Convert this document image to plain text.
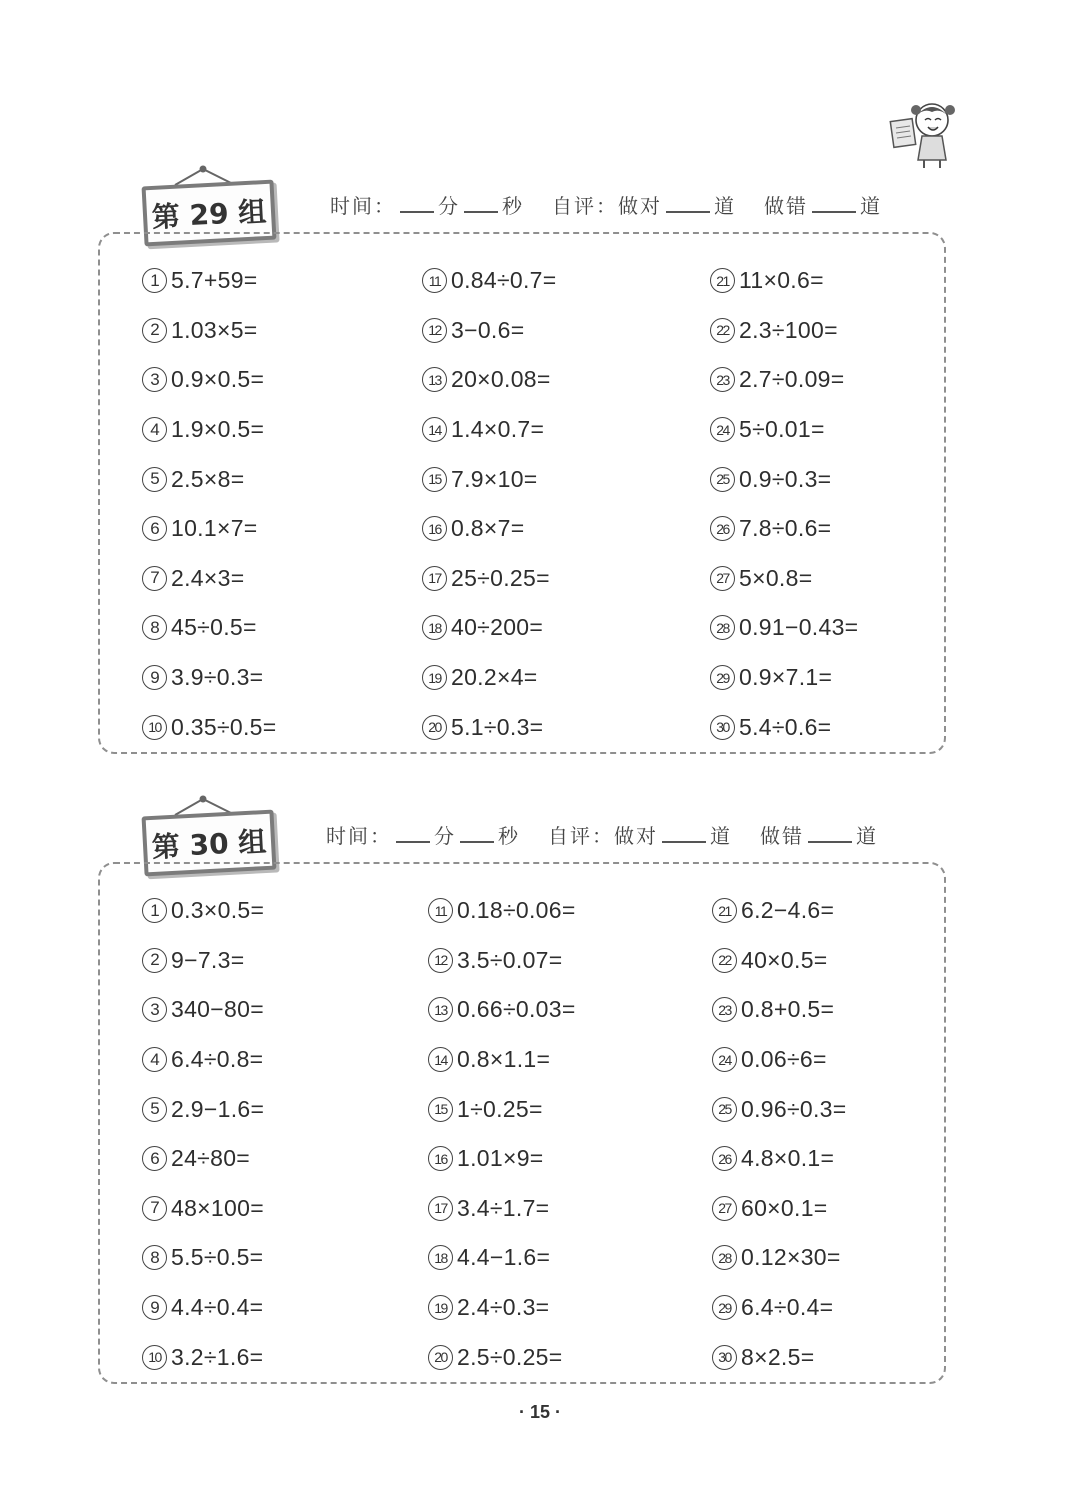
第 29 组	时间： 分 秒 自评：做对	道 做错	道
1 5.7+59=
2 1.03×5=
3 0.9×0.5=
4 1.9×0.5=
5 2.5×8=
6 10.1×7=
7 2.4×3=
8 45÷0.5=
9 3.9÷0.3=
10 0.35÷0.5=
11 0.84÷0.7=
12 3−0.6=
13 20×0.08=
14 1.4×0.7=
15 7.9×10=
16 0.8×7=
17 25÷0.25=
18 40÷200=
19 20.2×4=
20 5.1÷0.3=
21 11×0.6=
22 2.3÷100=
23 2.7÷0.09=
24 5÷0.01=
25 0.9÷0.3=
26 7.8÷0.6=
27 5×0.8=
28 0.91−0.43=
29 0.9×7.1=
30 5.4÷0.6=
第 30 组	时间： 分 秒 自评：做对	道 做错	道
1 0.3×0.5=
2 9−7.3=
3 340−80=
4 6.4÷0.8=
5 2.9−1.6=
6 24÷80=
7 48×100=
8 5.5÷0.5=
9 4.4÷0.4=
10 3.2÷1.6=
11 0.18÷0.06=
12 3.5÷0.07=
13 0.66÷0.03=
14 0.8×1.1=
15 1÷0.25=
16 1.01×9=
17 3.4÷1.7=
18 4.4−1.6=
19 2.4÷0.3=
20 2.5÷0.25=
21 6.2−4.6=
22 40×0.5=
23 0.8+0.5=
24 0.06÷6=
25 0.96÷0.3=
26 4.8×0.1=
27 60×0.1=
28 0.12×30=
29 6.4÷0.4=
30 8×2.5=
· 15 ·
